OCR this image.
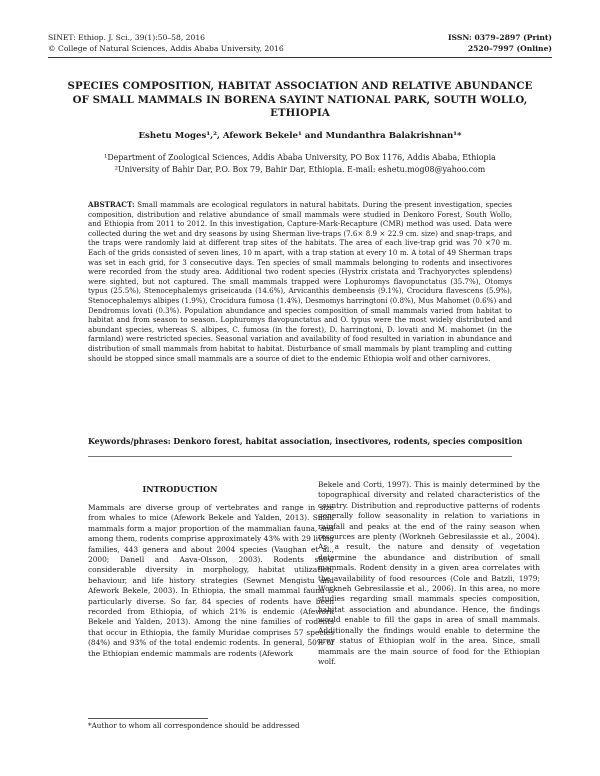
SINET: Ethiop. J. Sci., 39(1):50–58, 2016
© College of Natural Sciences, Addis Ababa University, 2016
ISSN: 0379–2897 (Print)
2520–7997 (Online)
SPECIES COMPOSITION, HABITAT ASSOCIATION AND RELATIVE ABUNDANCE OF SMALL MAMMALS IN BORENA SAYINT NATIONAL PARK, SOUTH WOLLO, ETHIOPIA
Eshetu Moges¹,², Afework Bekele¹ and Mundanthra Balakrishnan¹*
¹Department of Zoological Sciences, Addis Ababa University, PO Box 1176, Addis Ababa, Ethiopia
²University of Bahir Dar, P.O. Box 79, Bahir Dar, Ethiopia. E-mail: eshetu.mog08@yahoo.com
ABSTRACT: Small mammals are ecological regulators in natural habitats. During the present investigation, species composition, distribution and relative abundance of small mammals were studied in Denkoro Forest, South Wollo, and Ethiopia from 2011 to 2012. In this investigation, Capture-Mark-Recapture (CMR) method was used. Data were collected during the wet and dry seasons by using Sherman live-traps (7.6× 8.9 × 22.9 cm. size) and snap-traps, and the traps were randomly laid at different trap sites of the habitats. The area of each live-trap grid was 70 ×70 m. Each of the grids consisted of seven lines, 10 m apart, with a trap station at every 10 m. A total of 49 Sherman traps was set in each grid, for 3 consecutive days. Ten species of small mammals belonging to rodents and insectivores were recorded from the study area. Additional two rodent species (Hystrix cristata and Trachyoryctes splendens) were sighted, but not captured. The small mammals trapped were Lophuromys flavopunctatus (35.7%), Otomys typus (25.5%), Stenocephalemys griseicauda (14.6%), Arvicanthis dembeensis (9.1%), Crocidura flavescens (5.9%), Stenocephalemys albipes (1.9%), Crocidura fumosa (1.4%), Desmomys harringtoni (0.8%), Mus Mahomet (0.6%) and Dendromus lovati (0.3%). Population abundance and species composition of small mammals varied from habitat to habitat and from season to season. Lophuromys flavopunctatus and O. typus were the most widely distributed and abundant species, whereas S. albipes, C. fumosa (in the forest), D. harringtoni, D. lovati and M. mahomet (in the farmland) were restricted species. Seasonal variation and availability of food resulted in variation in abundance and distribution of small mammals from habitat to habitat. Disturbance of small mammals by plant trampling and cutting should be stopped since small mammals are a source of diet to the endemic Ethiopia wolf and other carnivores.
Keywords/phrases: Denkoro forest, habitat association, insectivores, rodents, species composition
INTRODUCTION
Mammals are diverse group of vertebrates and range in size from whales to mice (Afework Bekele and Yalden, 2013). Small mammals form a major proportion of the mammalian fauna, and among them, rodents comprise approximately 43% with 29 living families, 443 genera and about 2004 species (Vaughan et al., 2000; Danell and Aava-Olsson, 2003). Rodents show considerable diversity in morphology, habitat utilization, behaviour, and life history strategies (Sewnet Mengistu and Afework Bekele, 2003). In Ethiopia, the small mammal fauna is particularly diverse. So far, 84 species of rodents have been recorded from Ethiopia, of which 21% is endemic (Afework Bekele and Yalden, 2013). Among the nine families of rodents that occur in Ethiopia, the family Muridae comprises 57 species (84%) and 93% of the total endemic rodents. In general, 50% of the Ethiopian endemic mammals are rodents (Afework
Bekele and Corti, 1997). This is mainly determined by the topographical diversity and related characteristics of the country. Distribution and reproductive patterns of rodents generally follow seasonality in relation to variations in rainfall and peaks at the end of the rainy season when resources are plenty (Workneh Gebresilassie et al., 2004). As a result, the nature and density of vegetation determine the abundance and distribution of small mammals. Rodent density in a given area correlates with the availability of food resources (Cole and Batzli, 1979; Workneh Gebresilassie et al., 2006). In this area, no more studies regarding small mammals species composition, habitat association and abundance. Hence, the findings would enable to fill the gaps in area of small mammals. Additionally the findings would enable to determine the prey status of Ethiopian wolf in the area. Since, small mammals are the main source of food for the Ethiopian wolf.
*Author to whom all correspondence should be addressed
